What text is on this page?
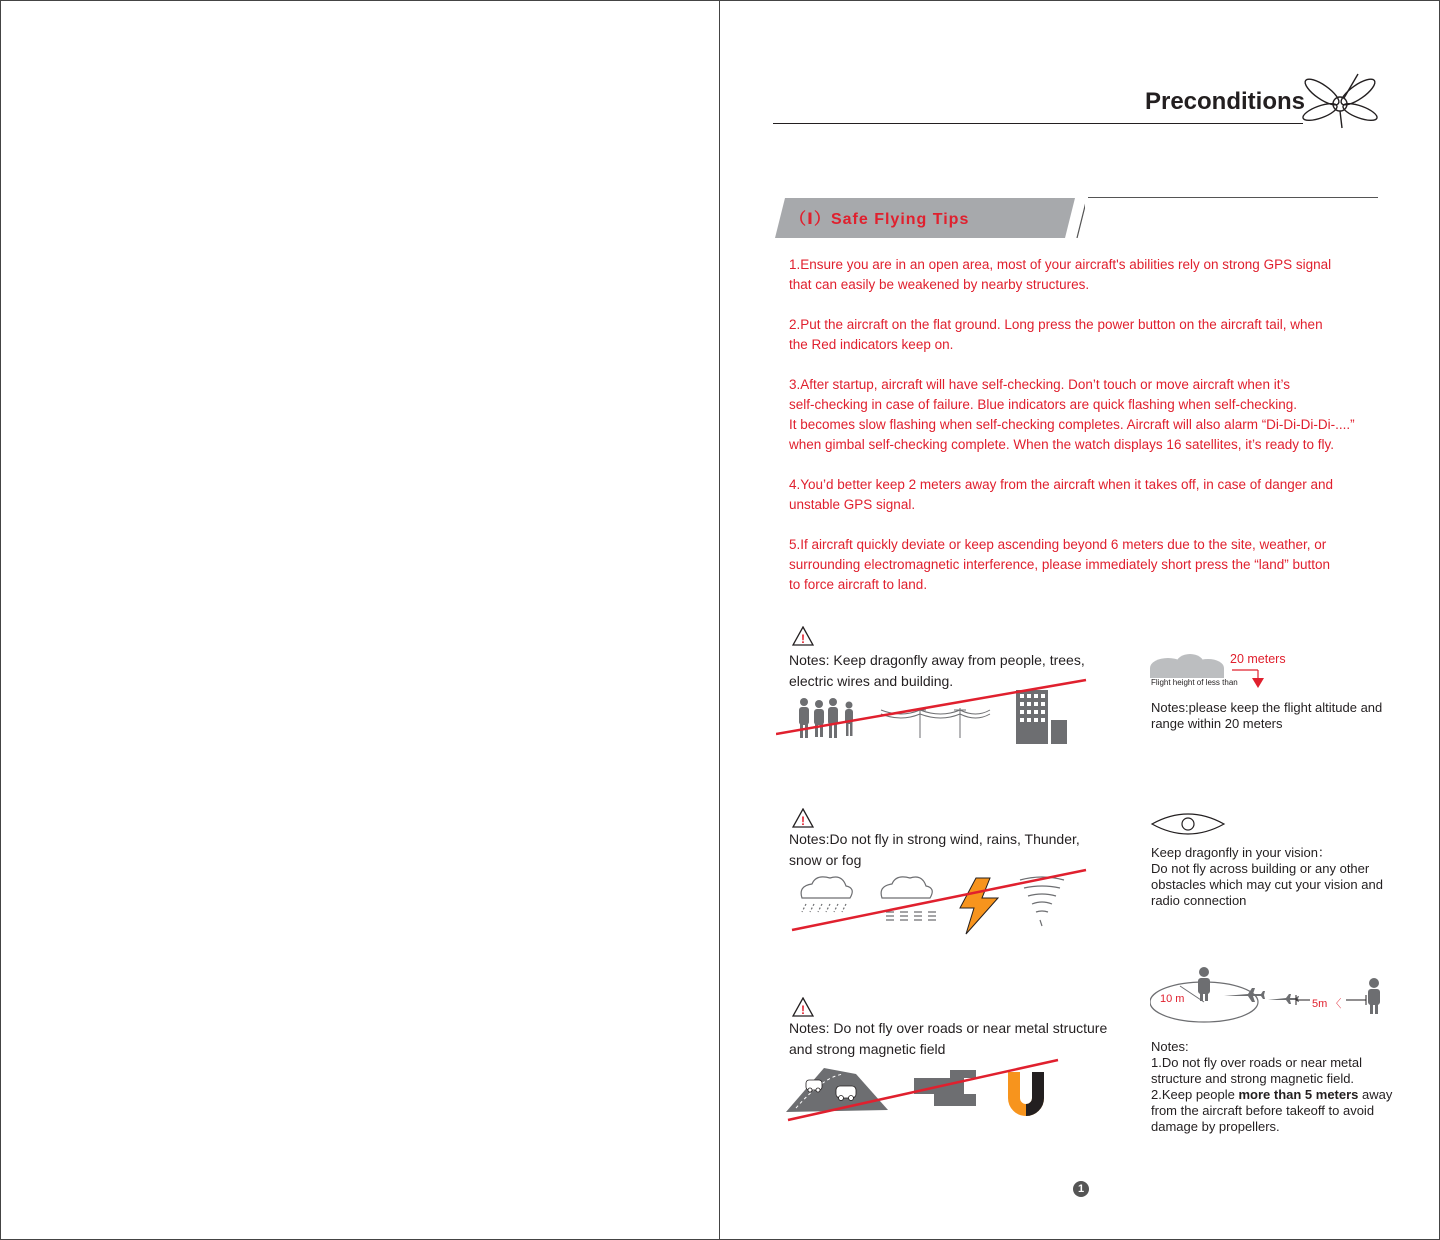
Preconditions
（Ⅰ）Safe Flying Tips

1.Ensure you are in an open area, most of your aircraft's abilities rely on strong GPS signal
that can easily be weakened by nearby structures.

2.Put the aircraft on the flat ground. Long press the power button on the aircraft tail, when
the Red indicators keep on.

3.After startup, aircraft will have self-checking. Don’t touch or move aircraft when it’s
self-checking in case of failure. Blue indicators are quick flashing when self-checking.
It becomes slow flashing when self-checking completes. Aircraft will also alarm “Di-Di-Di-Di-....”
when gimbal self-checking complete. When the watch displays 16 satellites, it’s ready to fly.

4.You’d better keep 2 meters away from the aircraft when it takes off, in case of danger and
unstable GPS signal.

5.If aircraft quickly deviate or keep ascending beyond 6 meters due to the site, weather, or
surrounding electromagnetic interference, please immediately short press the “land” button
to force aircraft to land.

!
!
!
Notes: Keep dragonfly away from people, trees,
electric wires and building.
Notes:Do not fly in strong wind, rains, Thunder,
snow or fog
Notes: Do not fly over roads or near metal structure
and strong magnetic field
20 meters
Flight height of less than
Notes:please keep the flight altitude and
range within 20 meters
Keep dragonfly in your vision：
Do not fly across building or any other
obstacles which may cut your vision and
radio connection
10 m	5m 〈
Notes:
1.Do not fly over roads or near metal
structure and strong magnetic field.
2.Keep people more than 5 meters away
from the aircraft before takeoff to avoid
damage by propellers.
1
